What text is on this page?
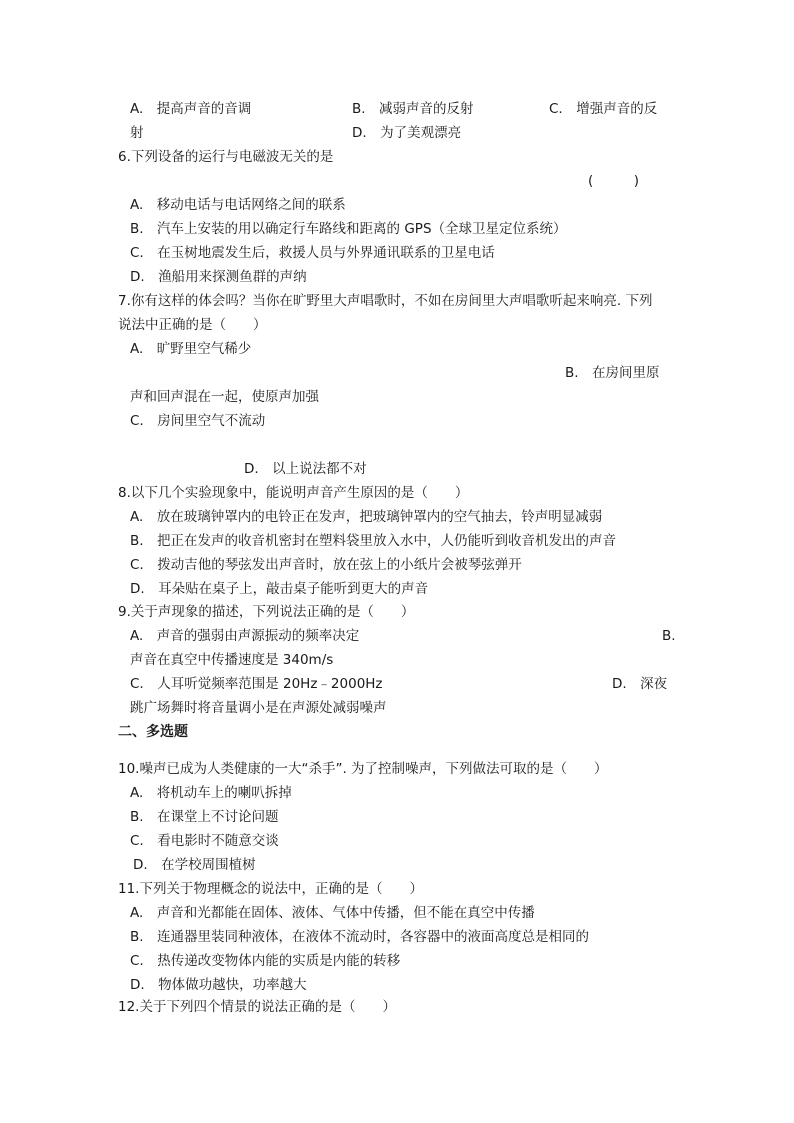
A.　提高声音的音调	B.　减弱声音的反射	C.　增强声音的反
射	D.　为了美观漂亮
6.下列设备的运行与电磁波无关的是
(　　　)
A.　移动电话与电话网络之间的联系
B.　汽车上安装的用以确定行车路线和距离的 GPS（全球卫星定位系统）
C.　在玉树地震发生后，救援人员与外界通讯联系的卫星电话
D.　渔船用来探测鱼群的声纳
7.你有这样的体会吗？当你在旷野里大声唱歌时，不如在房间里大声唱歌听起来响亮. 下列
说法中正确的是（　　）
A.　旷野里空气稀少
B.　在房间里原
声和回声混在一起，使原声加强
C.　房间里空气不流动
D.　以上说法都不对
8.以下几个实验现象中，能说明声音产生原因的是（　　）
A.　放在玻璃钟罩内的电铃正在发声，把玻璃钟罩内的空气抽去，铃声明显减弱
B.　把正在发声的收音机密封在塑料袋里放入水中，人仍能听到收音机发出的声音
C.　拨动吉他的琴弦发出声音时，放在弦上的小纸片会被琴弦弹开
D.　耳朵贴在桌子上，敲击桌子能听到更大的声音
9.关于声现象的描述，下列说法正确的是（　　）
A.　声音的强弱由声源振动的频率决定	B.
声音在真空中传播速度是 340m/s
C.　人耳听觉频率范围是 20Hz﹣2000Hz	D.　深夜
跳广场舞时将音量调小是在声源处减弱噪声
二、多选题
10.噪声已成为人类健康的一大“杀手”. 为了控制噪声，下列做法可取的是（　　）
A.　将机动车上的喇叭拆掉
B.　在课堂上不讨论问题
C.　看电影时不随意交谈
D.　在学校周围植树
11.下列关于物理概念的说法中，正确的是（　　）
A.　声音和光都能在固体、液体、气体中传播，但不能在真空中传播
B.　连通器里装同种液体，在液体不流动时，各容器中的液面高度总是相同的
C.　热传递改变物体内能的实质是内能的转移
D.　物体做功越快，功率越大
12.关于下列四个情景的说法正确的是（　　）
